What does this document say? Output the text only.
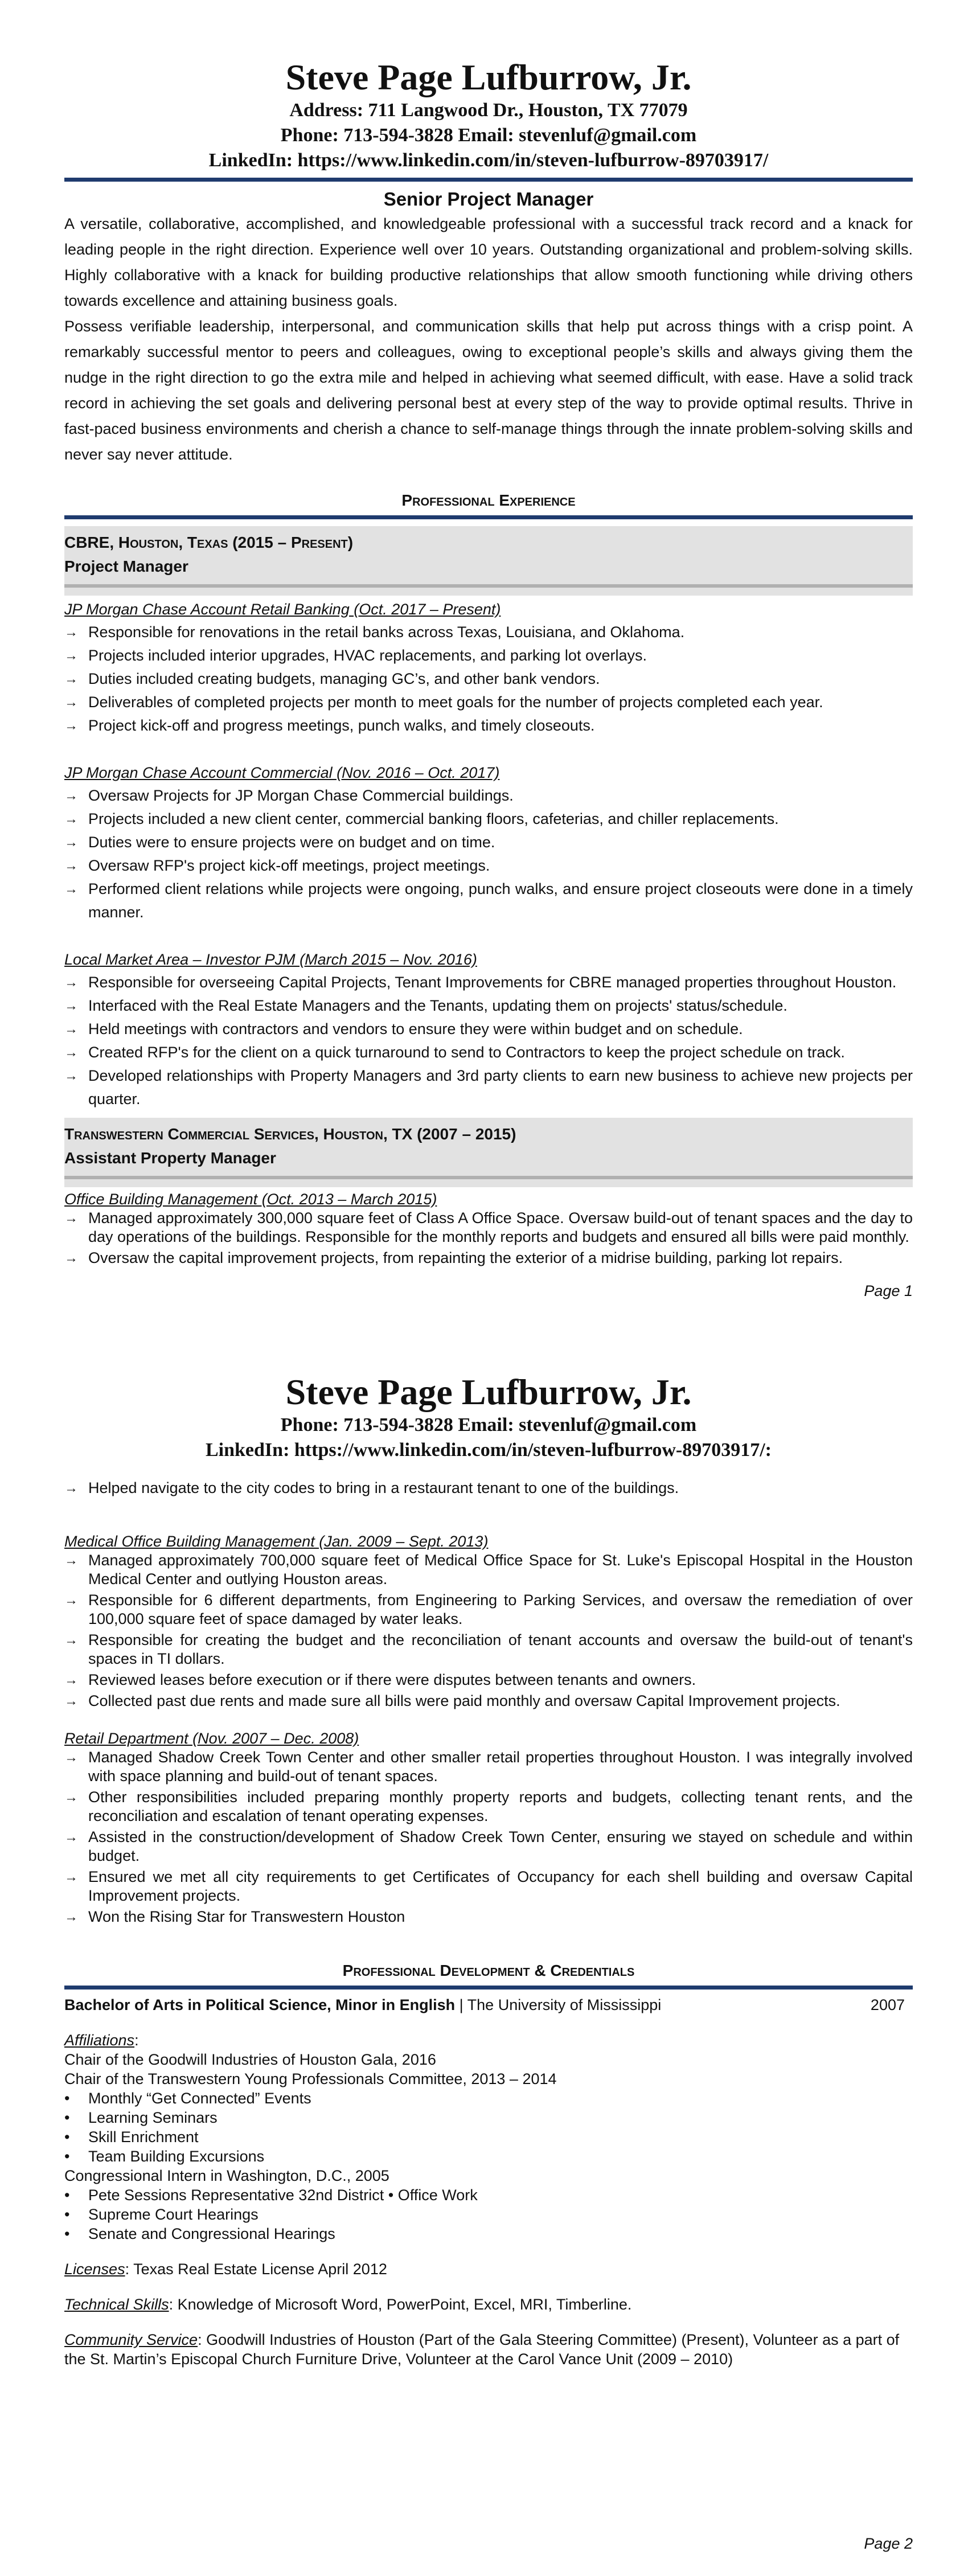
Steve Page Lufburrow, Jr.
Address: 711 Langwood Dr., Houston, TX 77079
Phone: 713-594-3828 Email: stevenluf@gmail.com
LinkedIn: https://www.linkedin.com/in/steven-lufburrow-89703917/
Senior Project Manager

A versatile, collaborative, accomplished, and knowledgeable professional with a successful track record and a knack for leading people in the right direction. Experience well over 10 years. Outstanding organizational and problem-solving skills. Highly collaborative with a knack for building productive relationships that allow smooth functioning while driving others towards excellence and attaining business goals.

Possess verifiable leadership, interpersonal, and communication skills that help put across things with a crisp point. A remarkably successful mentor to peers and colleagues, owing to exceptional people’s skills and always giving them the nudge in the right direction to go the extra mile and helped in achieving what seemed difficult, with ease. Have a solid track record in achieving the set goals and delivering personal best at every step of the way to provide optimal results. Thrive in fast-paced business environments and cherish a chance to self-manage things through the innate problem-solving skills and never say never attitude.

Professional Experience
CBRE, Houston, Texas (2015 – Present)
Project Manager
JP Morgan Chase Account Retail Banking (Oct. 2017 – Present)
→ Responsible for renovations in the retail banks across Texas, Louisiana, and Oklahoma.
→ Projects included interior upgrades, HVAC replacements, and parking lot overlays.
→ Duties included creating budgets, managing GC’s, and other bank vendors.
→ Deliverables of completed projects per month to meet goals for the number of projects completed each year.
→ Project kick-off and progress meetings, punch walks, and timely closeouts.
JP Morgan Chase Account Commercial (Nov. 2016 – Oct. 2017)
→ Oversaw Projects for JP Morgan Chase Commercial buildings.
→ Projects included a new client center, commercial banking floors, cafeterias, and chiller replacements.
→ Duties were to ensure projects were on budget and on time.
→ Oversaw RFP's project kick-off meetings, project meetings.
→ Performed client relations while projects were ongoing, punch walks, and ensure project closeouts were done in a timely manner.
Local Market Area – Investor PJM (March 2015 – Nov. 2016)
→ Responsible for overseeing Capital Projects, Tenant Improvements for CBRE managed properties throughout Houston.
→ Interfaced with the Real Estate Managers and the Tenants, updating them on projects' status/schedule.
→ Held meetings with contractors and vendors to ensure they were within budget and on schedule.
→ Created RFP's for the client on a quick turnaround to send to Contractors to keep the project schedule on track.
→ Developed relationships with Property Managers and 3rd party clients to earn new business to achieve new projects per quarter.
Transwestern Commercial Services, Houston, TX (2007 – 2015)
Assistant Property Manager
Office Building Management (Oct. 2013 – March 2015)
→ Managed approximately 300,000 square feet of Class A Office Space. Oversaw build-out of tenant spaces and the day to day operations of the buildings. Responsible for the monthly reports and budgets and ensured all bills were paid monthly.
→ Oversaw the capital improvement projects, from repainting the exterior of a midrise building, parking lot repairs.
Page 1
Steve Page Lufburrow, Jr.
Phone: 713-594-3828 Email: stevenluf@gmail.com
LinkedIn: https://www.linkedin.com/in/steven-lufburrow-89703917/:
→ Helped navigate to the city codes to bring in a restaurant tenant to one of the buildings.
Medical Office Building Management (Jan. 2009 – Sept. 2013)
→ Managed approximately 700,000 square feet of Medical Office Space for St. Luke's Episcopal Hospital in the Houston Medical Center and outlying Houston areas.
→ Responsible for 6 different departments, from Engineering to Parking Services, and oversaw the remediation of over 100,000 square feet of space damaged by water leaks.
→ Responsible for creating the budget and the reconciliation of tenant accounts and oversaw the build-out of tenant's spaces in TI dollars.
→ Reviewed leases before execution or if there were disputes between tenants and owners.
→ Collected past due rents and made sure all bills were paid monthly and oversaw Capital Improvement projects.
Retail Department (Nov. 2007 – Dec. 2008)
→ Managed Shadow Creek Town Center and other smaller retail properties throughout Houston. I was integrally involved with space planning and build-out of tenant spaces.
→ Other responsibilities included preparing monthly property reports and budgets, collecting tenant rents, and the reconciliation and escalation of tenant operating expenses.
→ Assisted in the construction/development of Shadow Creek Town Center, ensuring we stayed on schedule and within budget.
→ Ensured we met all city requirements to get Certificates of Occupancy for each shell building and oversaw Capital Improvement projects.
→ Won the Rising Star for Transwestern Houston
Professional Development & Credentials
Bachelor of Arts in Political Science, Minor in English | The University of Mississippi	2007
Affiliations:
Chair of the Goodwill Industries of Houston Gala, 2016
Chair of the Transwestern Young Professionals Committee, 2013 – 2014
• Monthly “Get Connected” Events
• Learning Seminars
• Skill Enrichment
• Team Building Excursions
Congressional Intern in Washington, D.C., 2005
• Pete Sessions Representative 32nd District • Office Work
• Supreme Court Hearings
• Senate and Congressional Hearings
Licenses: Texas Real Estate License April 2012
Technical Skills: Knowledge of Microsoft Word, PowerPoint, Excel, MRI, Timberline.
Community Service: Goodwill Industries of Houston (Part of the Gala Steering Committee) (Present), Volunteer as a part of the St. Martin’s Episcopal Church Furniture Drive, Volunteer at the Carol Vance Unit (2009 – 2010)
Page 2
